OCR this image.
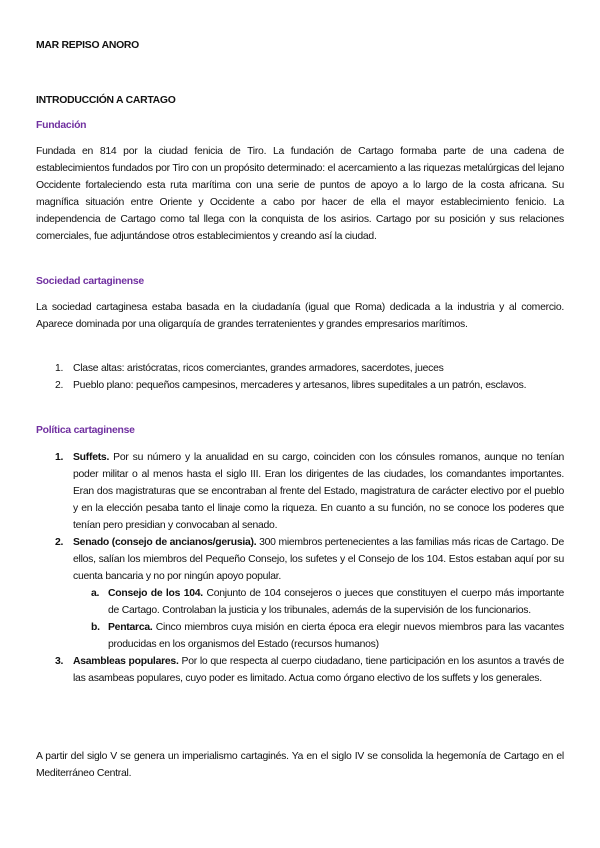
MAR REPISO ANORO
INTRODUCCIÓN A CARTAGO
Fundación
Fundada en 814 por la ciudad fenicia de Tiro. La fundación de Cartago formaba parte de una cadena de establecimientos fundados por Tiro con un propósito determinado: el acercamiento a las riquezas metalúrgicas del lejano Occidente fortaleciendo esta ruta marítima con una serie de puntos de apoyo a lo largo de la costa africana. Su magnífica situación entre Oriente y Occidente a cabo por hacer de ella el mayor establecimiento fenicio. La independencia de Cartago como tal llega con la conquista de los asirios. Cartago por su posición y sus relaciones comerciales, fue adjuntándose otros establecimientos y creando así la ciudad.
Sociedad cartaginense
La sociedad cartaginesa estaba basada en la ciudadanía (igual que Roma) dedicada a la industria y al comercio. Aparece dominada por una oligarquía de grandes terratenientes y grandes empresarios marítimos.
1. Clase altas: aristócratas, ricos comerciantes, grandes armadores, sacerdotes, jueces
2. Pueblo plano: pequeños campesinos, mercaderes y artesanos, libres supeditales a un patrón, esclavos.
Política cartaginense
1. Suffets. Por su número y la anualidad en su cargo, coinciden con los cónsules romanos, aunque no tenían poder militar o al menos hasta el siglo III. Eran los dirigentes de las ciudades, los comandantes importantes. Eran dos magistraturas que se encontraban al frente del Estado, magistratura de carácter electivo por el pueblo y en la elección pesaba tanto el linaje como la riqueza. En cuanto a su función, no se conoce los poderes que tenían pero presidian y convocaban al senado.
2. Senado (consejo de ancianos/gerusia). 300 miembros pertenecientes a las familias más ricas de Cartago. De ellos, salían los miembros del Pequeño Consejo, los sufetes y el Consejo de los 104. Estos estaban aquí por su cuenta bancaria y no por ningún apoyo popular.
a. Consejo de los 104. Conjunto de 104 consejeros o jueces que constituyen el cuerpo más importante de Cartago. Controlaban la justicia y los tribunales, además de la supervisión de los funcionarios.
b. Pentarca. Cinco miembros cuya misión en cierta época era elegir nuevos miembros para las vacantes producidas en los organismos del Estado (recursos humanos)
3. Asambleas populares. Por lo que respecta al cuerpo ciudadano, tiene participación en los asuntos a través de las asambeas populares, cuyo poder es limitado. Actua como órgano electivo de los suffets y los generales.
A partir del siglo V se genera un imperialismo cartaginés. Ya en el siglo IV se consolida la hegemonía de Cartago en el Mediterráneo Central.
